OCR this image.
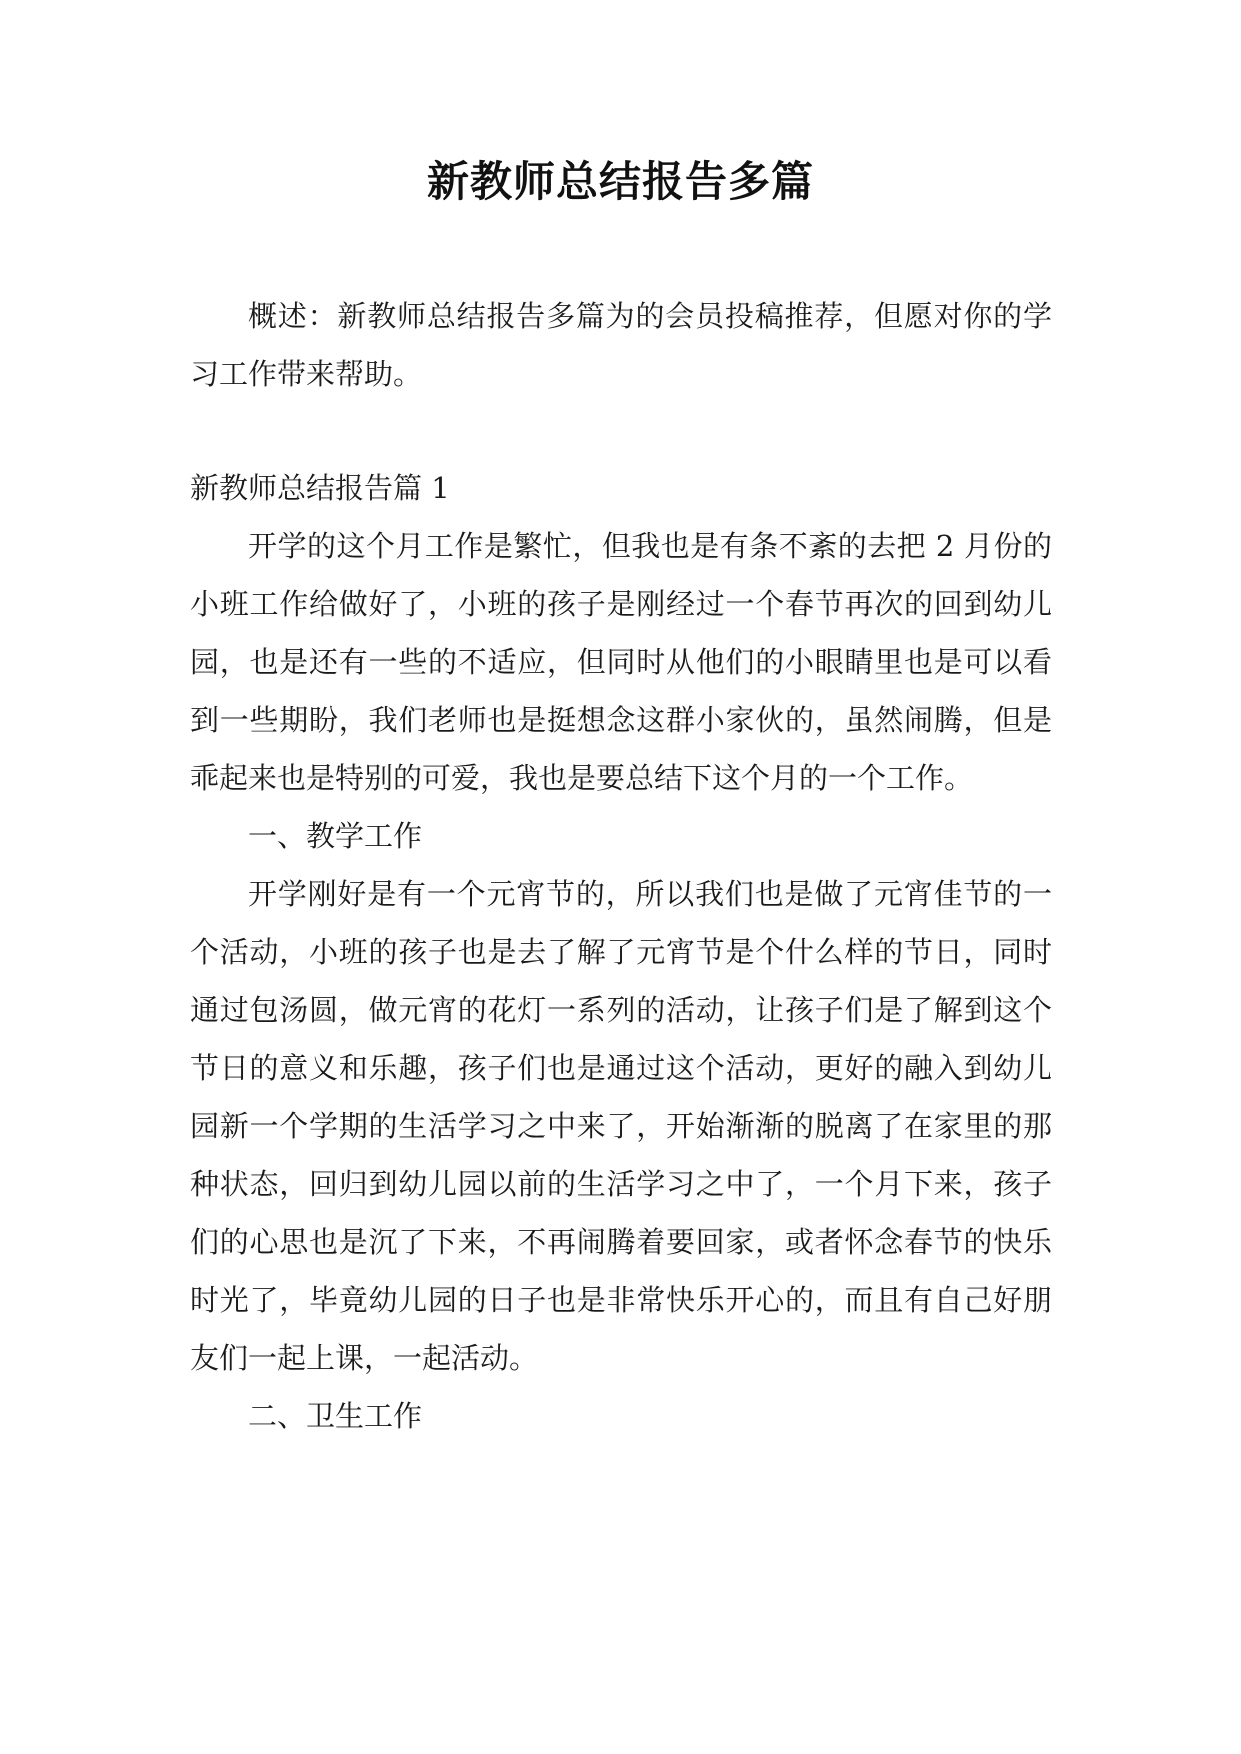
新教师总结报告多篇

概述：新教师总结报告多篇为的会员投稿推荐，但愿对你的学习工作带来帮助。

新教师总结报告篇 1

开学的这个月工作是繁忙，但我也是有条不紊的去把 2 月份的小班工作给做好了，小班的孩子是刚经过一个春节再次的回到幼儿园，也是还有一些的不适应，但同时从他们的小眼睛里也是可以看到一些期盼，我们老师也是挺想念这群小家伙的，虽然闹腾，但是乖起来也是特别的可爱，我也是要总结下这个月的一个工作。

一、教学工作

开学刚好是有一个元宵节的，所以我们也是做了元宵佳节的一个活动，小班的孩子也是去了解了元宵节是个什么样的节日，同时通过包汤圆，做元宵的花灯一系列的活动，让孩子们是了解到这个节日的意义和乐趣，孩子们也是通过这个活动，更好的融入到幼儿园新一个学期的生活学习之中来了，开始渐渐的脱离了在家里的那种状态，回归到幼儿园以前的生活学习之中了，一个月下来，孩子们的心思也是沉了下来，不再闹腾着要回家，或者怀念春节的快乐时光了，毕竟幼儿园的日子也是非常快乐开心的，而且有自己好朋友们一起上课，一起活动。

二、卫生工作
